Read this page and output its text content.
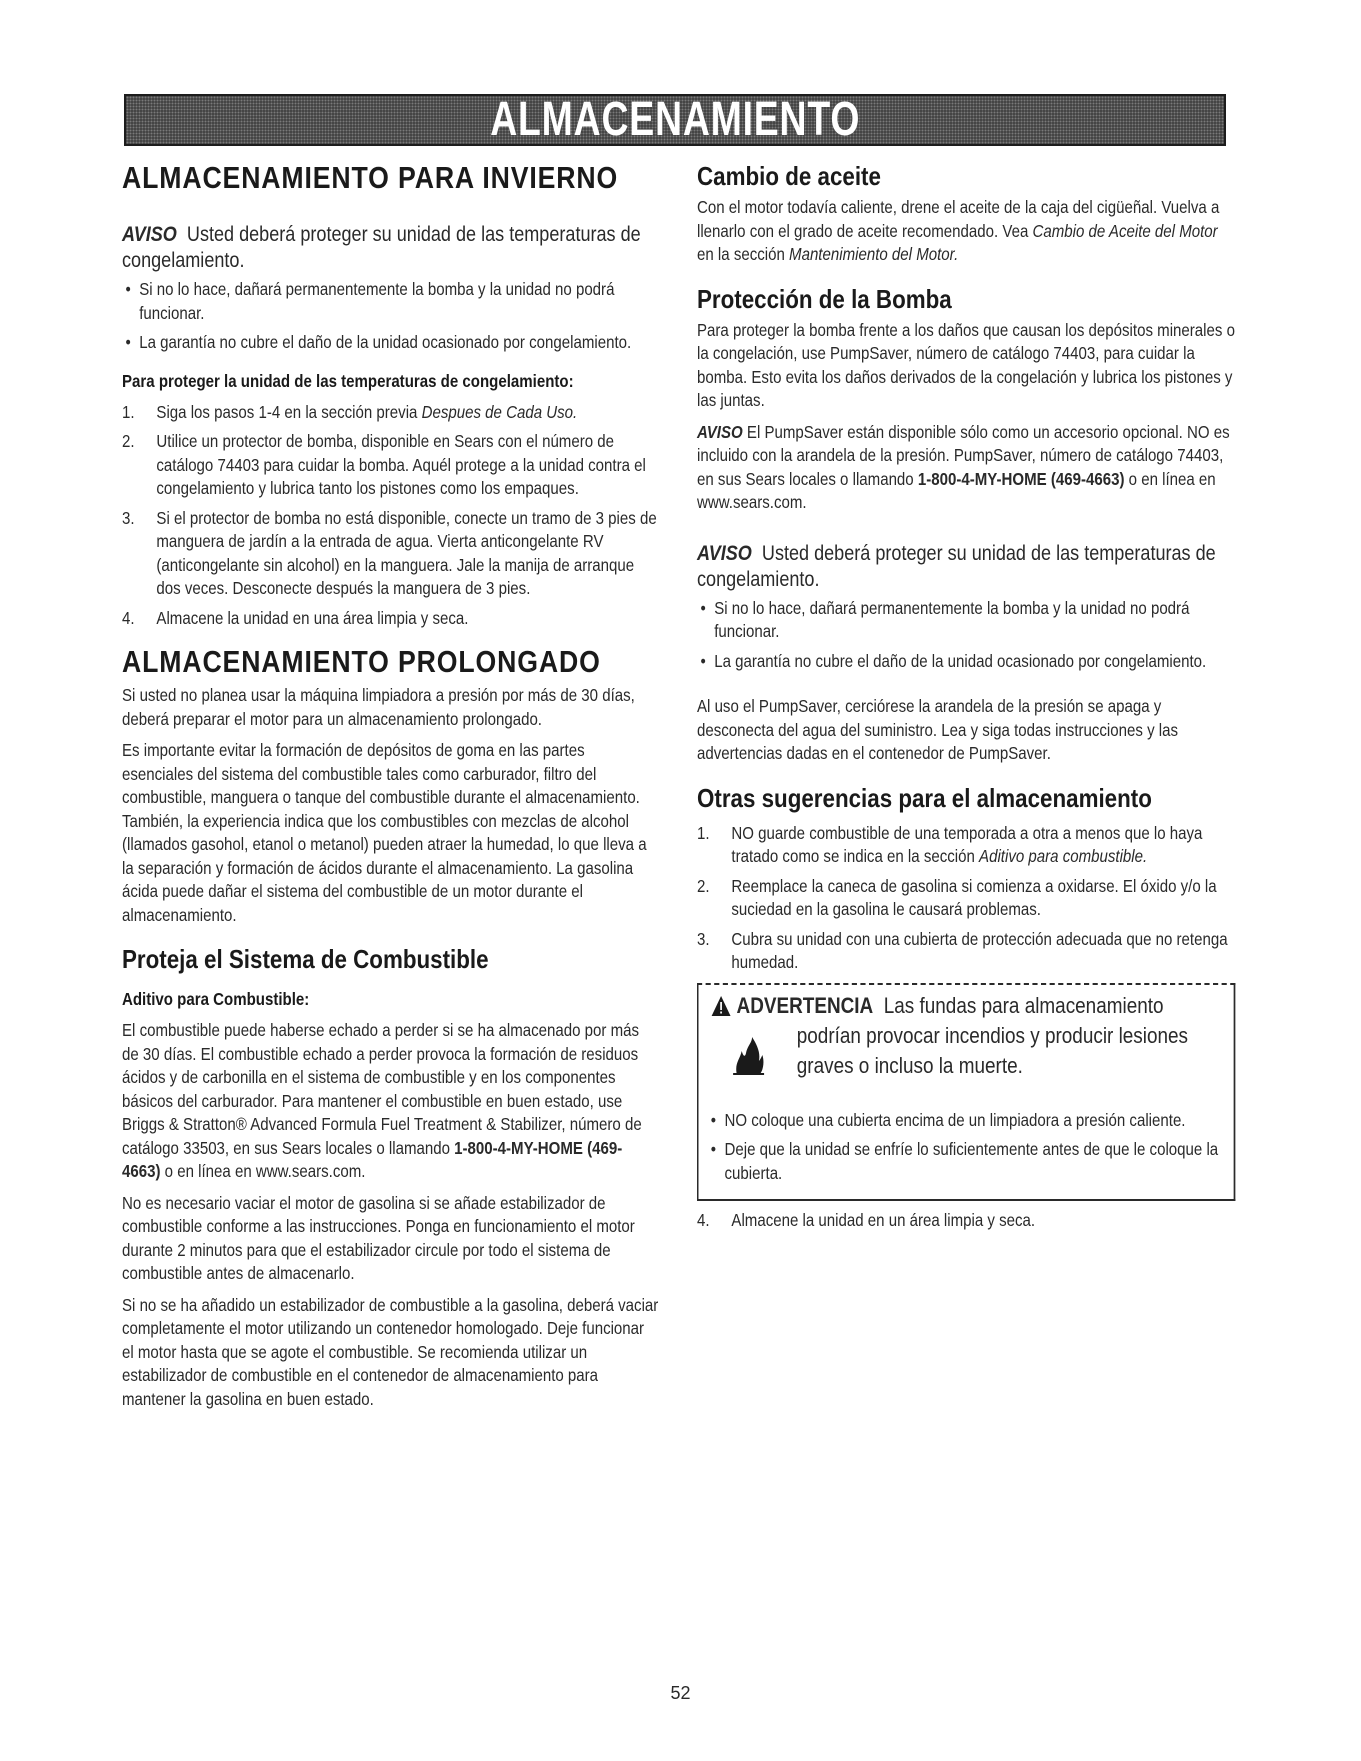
ALMACENAMIENTO
ALMACENAMIENTO PARA INVIERNO

AVISO Usted deberá proteger su unidad de las temperaturas de congelamiento.

• Si no lo hace, dañará permanentemente la bomba y la unidad no podrá funcionar.
• La garantía no cubre el daño de la unidad ocasionado por congelamiento.
Para proteger la unidad de las temperaturas de congelamiento:
1. Siga los pasos 1-4 en la sección previa Despues de Cada Uso.
2. Utilice un protector de bomba, disponible en Sears con el número de catálogo 74403 para cuidar la bomba. Aquél protege a la unidad contra el congelamiento y lubrica tanto los pistones como los empaques.
3. Si el protector de bomba no está disponible, conecte un tramo de 3 pies de manguera de jardín a la entrada de agua. Vierta anticongelante RV (anticongelante sin alcohol) en la manguera. Jale la manija de arranque dos veces. Desconecte después la manguera de 3 pies.
4. Almacene la unidad en una área limpia y seca.
ALMACENAMIENTO PROLONGADO

Si usted no planea usar la máquina limpiadora a presión por más de 30 días, deberá preparar el motor para un almacenamiento prolongado.

Es importante evitar la formación de depósitos de goma en las partes esenciales del sistema del combustible tales como carburador, filtro del combustible, manguera o tanque del combustible durante el almacenamiento. También, la experiencia indica que los combustibles con mezclas de alcohol (llamados gasohol, etanol o metanol) pueden atraer la humedad, lo que lleva a la separación y formación de ácidos durante el almacenamiento. La gasolina ácida puede dañar el sistema del combustible de un motor durante el almacenamiento.

Proteja el Sistema de Combustible
Aditivo para Combustible:

El combustible puede haberse echado a perder si se ha almacenado por más de 30 días. El combustible echado a perder provoca la formación de residuos ácidos y de carbonilla en el sistema de combustible y en los componentes básicos del carburador. Para mantener el combustible en buen estado, use Briggs & Stratton® Advanced Formula Fuel Treatment & Stabilizer, número de catálogo 33503, en sus Sears locales o llamando 1-800-4-MY-HOME (469-4663) o en línea en www.sears.com.

No es necesario vaciar el motor de gasolina si se añade estabilizador de combustible conforme a las instrucciones. Ponga en funcionamiento el motor durante 2 minutos para que el estabilizador circule por todo el sistema de combustible antes de almacenarlo.

Si no se ha añadido un estabilizador de combustible a la gasolina, deberá vaciar completamente el motor utilizando un contenedor homologado. Deje funcionar el motor hasta que se agote el combustible. Se recomienda utilizar un estabilizador de combustible en el contenedor de almacenamiento para mantener la gasolina en buen estado.

Cambio de aceite

Con el motor todavía caliente, drene el aceite de la caja del cigüeñal. Vuelva a llenarlo con el grado de aceite recomendado. Vea Cambio de Aceite del Motor en la sección Mantenimiento del Motor.

Protección de la Bomba

Para proteger la bomba frente a los daños que causan los depósitos minerales o la congelación, use PumpSaver, número de catálogo 74403, para cuidar la bomba. Esto evita los daños derivados de la congelación y lubrica los pistones y las juntas.

AVISO El PumpSaver están disponible sólo como un accesorio opcional. NO es incluido con la arandela de la presión. PumpSaver, número de catálogo 74403, en sus Sears locales o llamando 1-800-4-MY-HOME (469-4663) o en línea en www.sears.com.

AVISO Usted deberá proteger su unidad de las temperaturas de congelamiento.

• Si no lo hace, dañará permanentemente la bomba y la unidad no podrá funcionar.
• La garantía no cubre el daño de la unidad ocasionado por congelamiento.

Al uso el PumpSaver, cerciórese la arandela de la presión se apaga y desconecta del agua del suministro. Lea y siga todas instrucciones y las advertencias dadas en el contenedor de PumpSaver.

Otras sugerencias para el almacenamiento
1. NO guarde combustible de una temporada a otra a menos que lo haya tratado como se indica en la sección Aditivo para combustible.
2. Reemplace la caneca de gasolina si comienza a oxidarse. El óxido y/o la suciedad en la gasolina le causará problemas.
3. Cubra su unidad con una cubierta de protección adecuada que no retenga humedad.
ADVERTENCIA Las fundas para almacenamiento
podrían provocar incendios y producir lesiones graves o incluso la muerte.
• NO coloque una cubierta encima de un limpiadora a presión caliente.
• Deje que la unidad se enfríe lo suficientemente antes de que le coloque la cubierta.
4. Almacene la unidad en un área limpia y seca.
52
